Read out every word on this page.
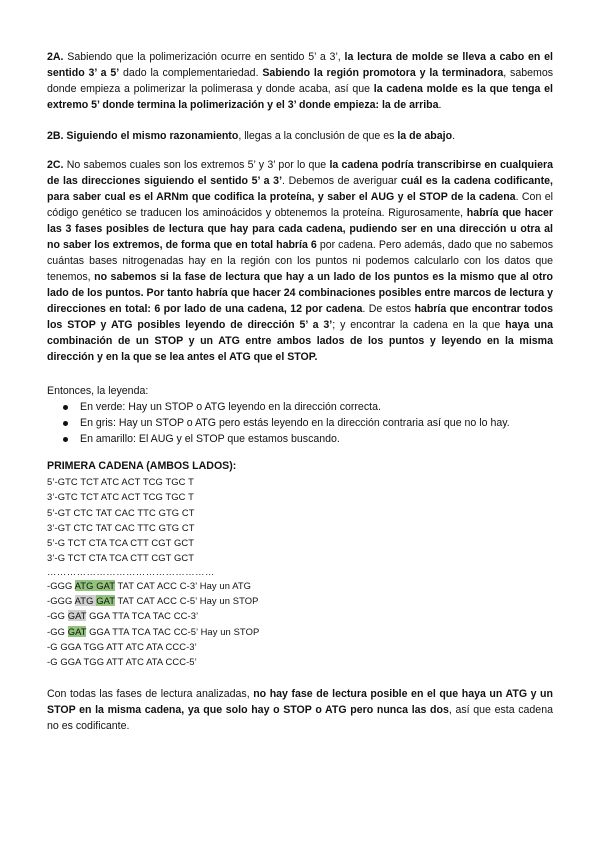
2A. Sabiendo que la polimerización ocurre en sentido 5’ a 3’, la lectura de molde se lleva a cabo en el sentido 3’ a 5’ dado la complementariedad. Sabiendo la región promotora y la terminadora, sabemos donde empieza a polimerizar la polimerasa y donde acaba, así que la cadena molde es la que tenga el extremo 5’ donde termina la polimerización y el 3’ donde empieza: la de arriba.

2B. Siguiendo el mismo razonamiento, llegas a la conclusión de que es la de abajo.

2C. No sabemos cuales son los extremos 5’ y 3’ por lo que la cadena podría transcribirse en cualquiera de las direcciones siguiendo el sentido 5’ a 3’. Debemos de averiguar cuál es la cadena codificante, para saber cual es el ARNm que codifica la proteína, y saber el AUG y el STOP de la cadena. Con el código genético se traducen los aminoácidos y obtenemos la proteína. Rigurosamente, habría que hacer las 3 fases posibles de lectura que hay para cada cadena, pudiendo ser en una dirección u otra al no saber los extremos, de forma que en total habría 6 por cadena. Pero además, dado que no sabemos cuántas bases nitrogenadas hay en la región con los puntos ni podemos calcularlo con los datos que tenemos, no sabemos si la fase de lectura que hay a un lado de los puntos es la mismo que al otro lado de los puntos. Por tanto habría que hacer 24 combinaciones posibles entre marcos de lectura y direcciones en total: 6 por lado de una cadena, 12 por cadena. De estos habría que encontrar todos los STOP y ATG posibles leyendo de dirección 5’ a 3’; y encontrar la cadena en la que haya una combinación de un STOP y un ATG entre ambos lados de los puntos y leyendo en la misma dirección y en la que se lea antes el ATG que el STOP.

Entonces, la leyenda:

En verde: Hay un STOP o ATG leyendo en la dirección correcta.
En gris: Hay un STOP o ATG pero estás leyendo en la dirección contraria así que no lo hay.
En amarillo: El AUG y el STOP que estamos buscando.
PRIMERA CADENA (AMBOS LADOS):
5’-GTC TCT ATC ACT TCG TGC T
3’-GTC TCT ATC ACT TCG TGC T
5’-GT CTC TAT CAC TTC GTG CT
3’-GT CTC TAT CAC TTC GTG CT
5’-G TCT CTA TCA CTT CGT GCT
3’-G TCT CTA TCA CTT CGT GCT
……………………………………………
-GGG ATG GAT TAT CAT ACC C-3’ Hay un ATG
-GGG ATG GAT TAT CAT ACC C-5’ Hay un STOP
-GG GAT GGA TTA TCA TAC CC-3’
-GG GAT GGA TTA TCA TAC CC-5’ Hay un STOP
-G GGA TGG ATT ATC ATA CCC-3’
-G GGA TGG ATT ATC ATA CCC-5’

Con todas las fases de lectura analizadas, no hay fase de lectura posible en el que haya un ATG y un STOP en la misma cadena, ya que solo hay o STOP o ATG pero nunca las dos, así que esta cadena no es codificante.
